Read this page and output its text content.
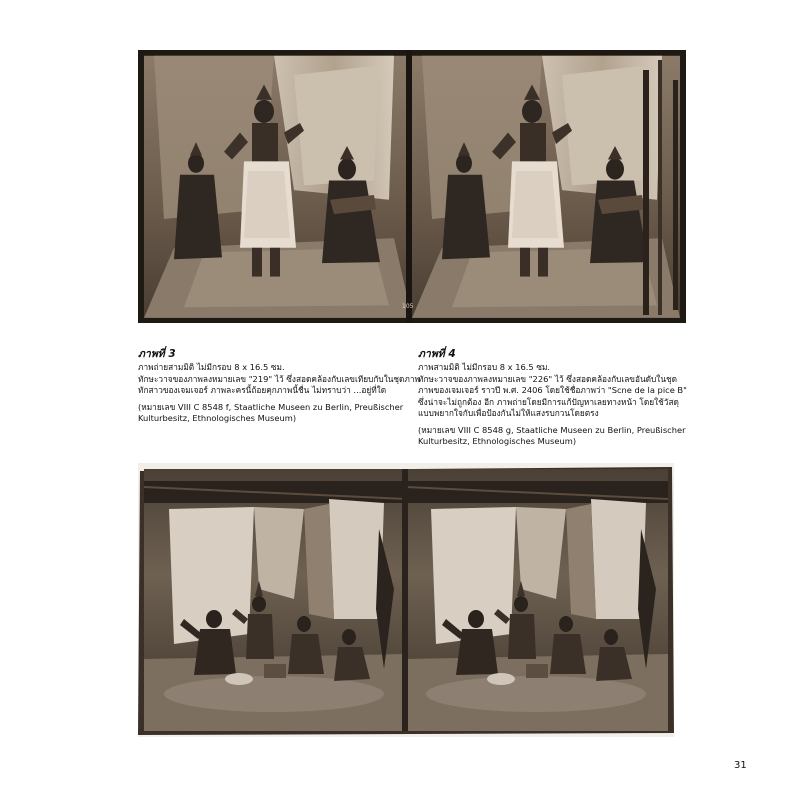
105
ภาพที่ 3
ภาพถ่ายสามมิติ ไม่มีกรอบ 8 x 16.5 ซม.
ทักษะวาจของภาพลงหมายเลข "219" ไว้ ซึ่งสอดคล้องกับเลขเทียบกับในชุดภาพ
ทักสาวของเจมเจอร์ ภาพละครนี้ถ้อยคุกภาพนี้ชื่น ไม่ทราบว่า ...อยู่ที่ใด
(หมายเลข VIII C 8548 f, Staatliche Museen zu Berlin, Preußischer
Kulturbesitz, Ethnologisches Museum)
ภาพที่ 4
ภาพสามมิติ ไม่มีกรอบ 8 x 16.5 ซม.
ทักษะวาจของภาพลงหมายเลข "226" ไว้ ซึ่งสอดคล้องกับเลขอันดับในชุด
ภาพของเจมเจอร์ ราวปี พ.ศ. 2406 โดยใช้ชื่อภาพว่า "Scne de la pice B"
ซึ่งน่าจะไม่ถูกต้อง อีก ภาพถ่ายโดยมีการแก้ปัญหาเลยทางหน้า โดยใช้วัสดุ
แบบพยากใจกับเพื่อป้องกันไม่ให้แสงรบกวนโดยตรง
(หมายเลข VIII C 8548 g, Staatliche Museen zu Berlin, Preußischer
Kulturbesitz, Ethnologisches Museum)
31
